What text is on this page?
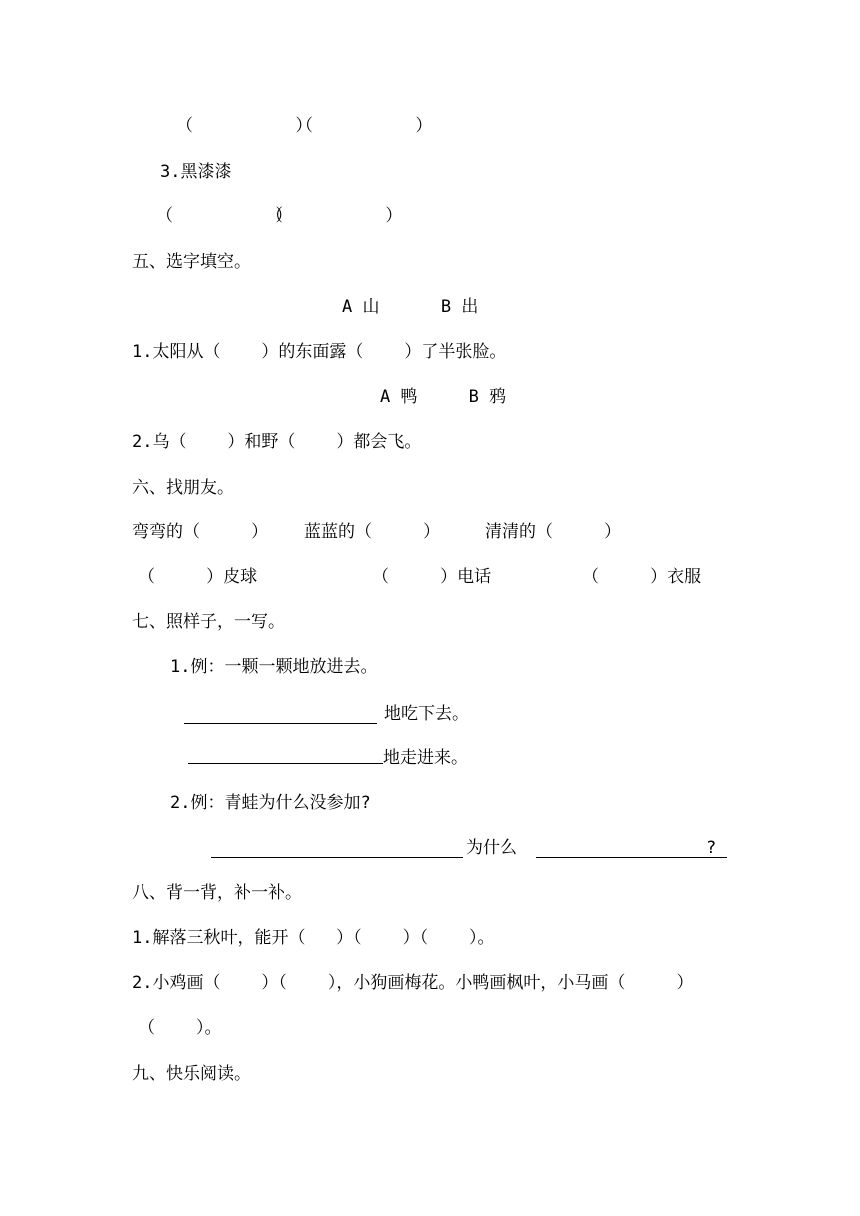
（          ）
（          ）
3.黑漆漆
（          ）
（          ）
五、选字填空。
A 山      B 出
1.太阳从（    ）的东面露（    ）了半张脸。
A 鸭     B 鸦
2.乌（    ）和野（    ）都会飞。
六、找朋友。
弯弯的（     ） 蓝蓝的（     ）	清清的（     ）
（     ）皮球	（     ）电话	（     ）衣服
七、照样子，一写。
1.例：一颗一颗地放进去。
地吃下去。
地走进来。
2.例：青蛙为什么没参加?
为什么	?
八、背一背，补一补。
1.解落三秋叶，能开（   ）（    ）（    ）。
2.小鸡画（    ）（    ），小狗画梅花。小鸭画枫叶，小马画（     ）
（    ）。
九、快乐阅读。
